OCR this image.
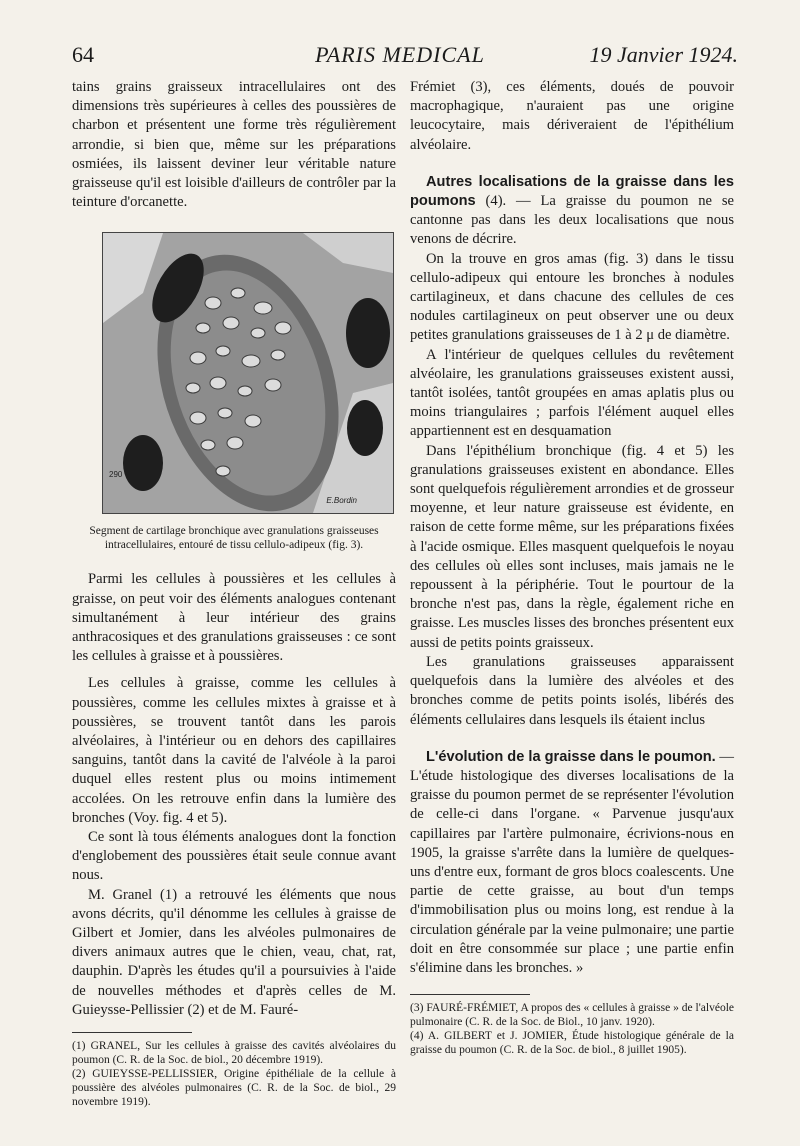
64	PARIS MEDICAL	19 Janvier 1924.

tains grains graisseux intracellulaires ont des dimensions très supérieures à celles des poussières de charbon et présentent une forme très régulièrement arrondie, si bien que, même sur les préparations osmiées, ils laissent deviner leur véritable nature graisseuse qu'il est loisible d'ailleurs de contrôler par la teinture d'orcanette.

290
E.Bordin

Segment de cartilage bronchique avec granulations graisseuses intracellulaires, entouré de tissu cellulo-adipeux (fig. 3).

Parmi les cellules à poussières et les cellules à graisse, on peut voir des éléments analogues contenant simultanément à leur intérieur des grains anthracosiques et des granulations graisseuses : ce sont les cellules à graisse et à poussières.

Les cellules à graisse, comme les cellules à poussières, comme les cellules mixtes à graisse et à poussières, se trouvent tantôt dans les parois alvéolaires, à l'intérieur ou en dehors des capillaires sanguins, tantôt dans la cavité de l'alvéole à la paroi duquel elles restent plus ou moins intimement accolées. On les retrouve enfin dans la lumière des bronches (Voy. fig. 4 et 5).

Ce sont là tous éléments analogues dont la fonction d'englobement des poussières était seule connue avant nous.

M. Granel (1) a retrouvé les éléments que nous avons décrits, qu'il dénomme les cellules à graisse de Gilbert et Jomier, dans les alvéoles pulmonaires de divers animaux autres que le chien, veau, chat, rat, dauphin. D'après les études qu'il a poursuivies à l'aide de nouvelles méthodes et d'après celles de M. Guieysse-Pellissier (2) et de M. Fauré-

(1) GRANEL, Sur les cellules à graisse des cavités alvéolaires du poumon (C. R. de la Soc. de biol., 20 décembre 1919).

(2) GUIEYSSE-PELLISSIER, Origine épithéliale de la cellule à poussière des alvéoles pulmonaires (C. R. de la Soc. de biol., 29 novembre 1919).

Frémiet (3), ces éléments, doués de pouvoir macrophagique, n'auraient pas une origine leucocytaire, mais dériveraient de l'épithélium alvéolaire.

Autres localisations de la graisse dans les poumons (4). — La graisse du poumon ne se cantonne pas dans les deux localisations que nous venons de décrire.

On la trouve en gros amas (fig. 3) dans le tissu cellulo-adipeux qui entoure les bronches à nodules cartilagineux, et dans chacune des cellules de ces nodules cartilagineux on peut observer une ou deux petites granulations graisseuses de 1 à 2 μ de diamètre.

A l'intérieur de quelques cellules du revêtement alvéolaire, les granulations graisseuses existent aussi, tantôt isolées, tantôt groupées en amas aplatis plus ou moins triangulaires ; parfois l'élément auquel elles appartiennent est en desquamation

Dans l'épithélium bronchique (fig. 4 et 5) les granulations graisseuses existent en abondance. Elles sont quelquefois régulièrement arrondies et de grosseur moyenne, et leur nature graisseuse est évidente, en raison de cette forme même, sur les préparations fixées à l'acide osmique. Elles masquent quelquefois le noyau des cellules où elles sont incluses, mais jamais ne le repoussent à la périphérie. Tout le pourtour de la bronche n'est pas, dans la règle, également riche en graisse. Les muscles lisses des bronches présentent eux aussi de petits points graisseux.

Les granulations graisseuses apparaissent quelquefois dans la lumière des alvéoles et des bronches comme de petits points isolés, libérés des éléments cellulaires dans lesquels ils étaient inclus

L'évolution de la graisse dans le poumon. — L'étude histologique des diverses localisations de la graisse du poumon permet de se représenter l'évolution de celle-ci dans l'organe. « Parvenue jusqu'aux capillaires par l'artère pulmonaire, écrivions-nous en 1905, la graisse s'arrête dans la lumière de quelques-uns d'entre eux, formant de gros blocs coalescents. Une partie de cette graisse, au bout d'un temps d'immobilisation plus ou moins long, est rendue à la circulation générale par la veine pulmonaire; une partie doit en être consommée sur place ; une partie enfin s'élimine dans les bronches. »

(3) FAURÉ-FRÉMIET, A propos des « cellules à graisse » de l'alvéole pulmonaire (C. R. de la Soc. de Biol., 10 janv. 1920).

(4) A. GILBERT et J. JOMIER, Étude histologique générale de la graisse du poumon (C. R. de la Soc. de biol., 8 juillet 1905).
